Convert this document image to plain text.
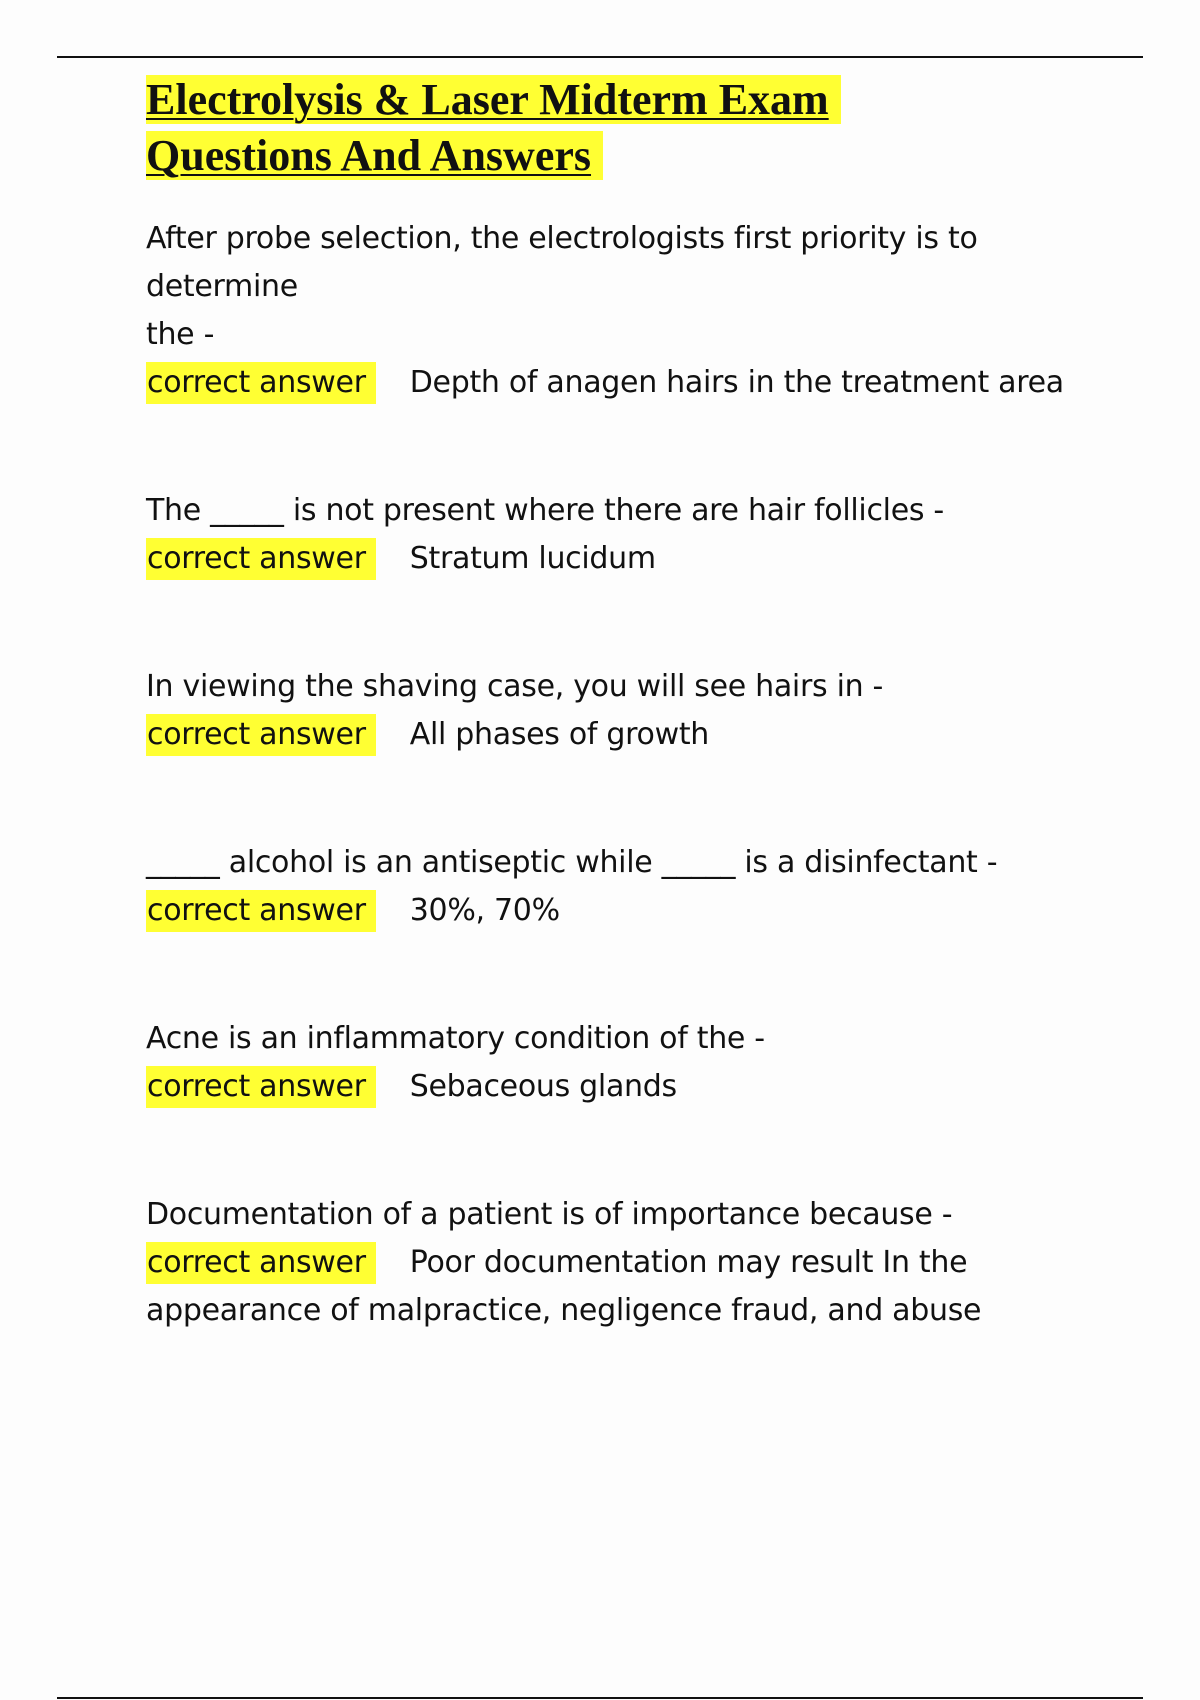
Electrolysis & Laser Midterm Exam
Questions And Answers

After probe selection, the electrologists first priority is to determine
the -

correct answer Depth of anagen hairs in the treatment area

The _____ is not present where there are hair follicles -

correct answer Stratum lucidum

In viewing the shaving case, you will see hairs in -

correct answer All phases of growth

_____ alcohol is an antiseptic while _____ is a disinfectant -

correct answer 30%, 70%

Acne is an inflammatory condition of the -

correct answer Sebaceous glands

Documentation of a patient is of importance because -

correct answer Poor documentation may result In the
appearance of malpractice, negligence fraud, and abuse
